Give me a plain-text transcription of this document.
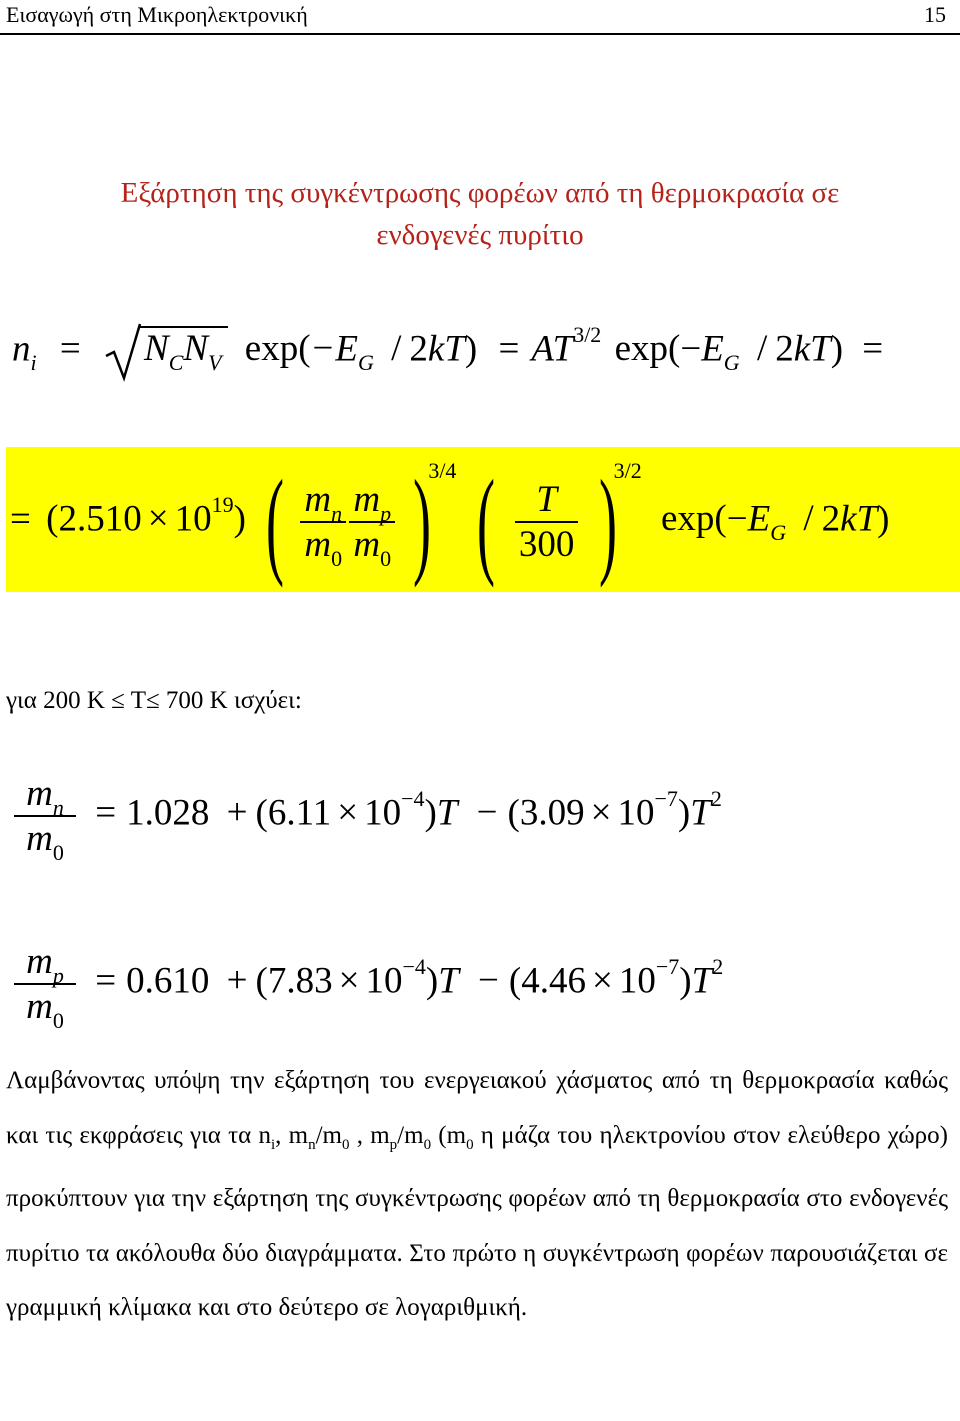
Εισαγωγή στη Μικροηλεκτρονική	15
Εξάρτηση της συγκέντρωσης φορέων από τη θερμοκρασία σε
ενδογενές πυρίτιο
$n_i = N_CN_V$ $\exp(-E_G / 2kT) = AT^{3/2}$ $\exp(-E_G / 2kT)$ =
= $(2.510 \times 10^{19})$ ( $\frac{m_n}{m_0}$
$\frac{m_p}{m_0} )^{3/4}$ ( $\frac{T}{300} )^{3/2}$ $\exp(-E_G / 2kT)$
για 200 K ≤ T≤ 700 K ισχύει:
$\frac{m_n}{m_0} = 1.028 + (6.11 \times 10^{-4})T - (3.09 \times 10^{-7})T^2$
$\frac{m_p}{m_0} = 0.610 + (7.83 \times 10^{-4})T - (4.46 \times 10^{-7})T^2$
Λαμβάνοντας υπόψη την εξάρτηση του ενεργειακού χάσματος από τη θερμοκρασία καθώς και τις εκφράσεις για τα $n_i$, $m_n/m_0$ , $m_p/m_0$ ($m_0$ η μάζα του ηλεκτρονίου στον ελεύθερο χώρο) προκύπτουν για την εξάρτηση της συγκέντρωσης φορέων από τη θερμοκρασία στο ενδογενές πυρίτιο τα ακόλουθα δύο διαγράμματα. Στο πρώτο η συγκέντρωση φορέων παρουσιάζεται σε γραμμική κλίμακα και στο δεύτερο σε λογαριθμική.
